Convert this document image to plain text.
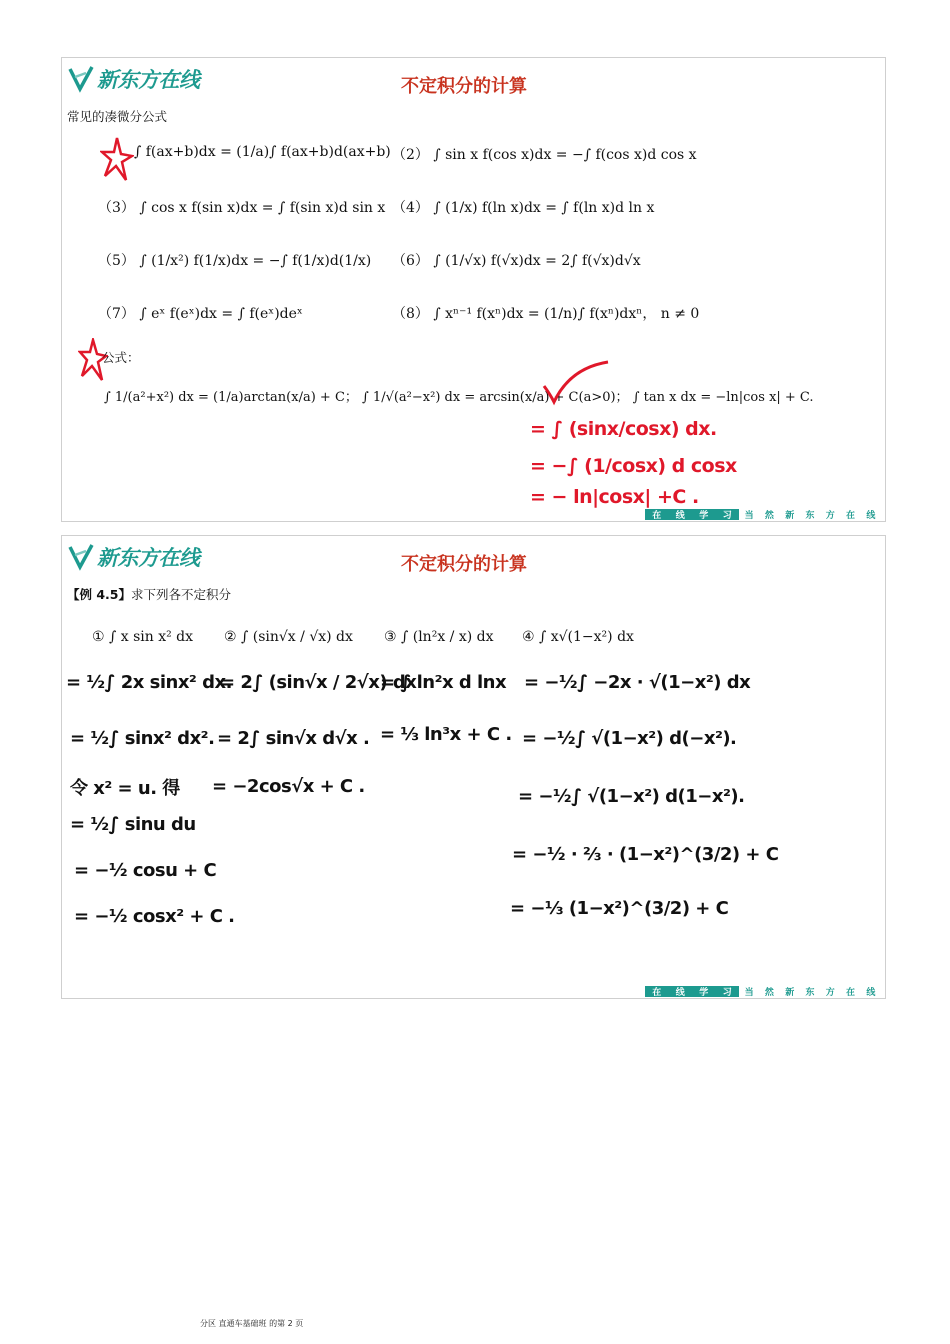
新东方在线	不定积分的计算
常见的凑微分公式
∫ f(ax+b)dx = (1/a)∫ f(ax+b)d(ax+b) （2） ∫ sin x f(cos x)dx = −∫ f(cos x)d cos x
（3） ∫ cos x f(sin x)dx = ∫ f(sin x)d sin x （4） ∫ (1/x) f(ln x)dx = ∫ f(ln x)d ln x
（5） ∫ (1/x²) f(1/x)dx = −∫ f(1/x)d(1/x) （6） ∫ (1/√x) f(√x)dx = 2∫ f(√x)d√x
（7） ∫ eˣ f(eˣ)dx = ∫ f(eˣ)deˣ	（8） ∫ xⁿ⁻¹ f(xⁿ)dx = (1/n)∫ f(xⁿ)dxⁿ， n ≠ 0
公式：
∫ 1/(a²+x²) dx = (1/a)arctan(x/a) + C； ∫ 1/√(a²−x²) dx = arcsin(x/a) + C(a>0)； ∫ tan x dx = −ln|cos x| + C.
= ∫ (sinx/cosx) dx.
= −∫ (1/cosx) d cosx
= − ln|cosx| +C .
在 线 学 习 当 然 新 东 方 在 线
新东方在线	不定积分的计算
【例 4.5】求下列各不定积分
① ∫ x sin x² dx ② ∫ (sin√x / √x) dx ③ ∫ (ln²x / x) dx ④ ∫ x√(1−x²) dx
= ½∫ 2x sinx² dx.
= ½∫ sinx² dx².
令 x² = u. 得
= ½∫ sinu du
= −½ cosu + C
= −½ cosx² + C .
= 2∫ (sin√x / 2√x) dx
= 2∫ sin√x d√x .
= −2cos√x + C .
= ∫ ln²x d lnx
= ⅓ ln³x + C .
= −½∫ −2x · √(1−x²) dx
= −½∫ √(1−x²) d(−x²).
= −½∫ √(1−x²) d(1−x²).
= −½ · ⅔ · (1−x²)^(3/2) + C
= −⅓ (1−x²)^(3/2) + C
在 线 学 习 当 然 新 东 方 在 线
分区 直通车基础班 的第 2 页
